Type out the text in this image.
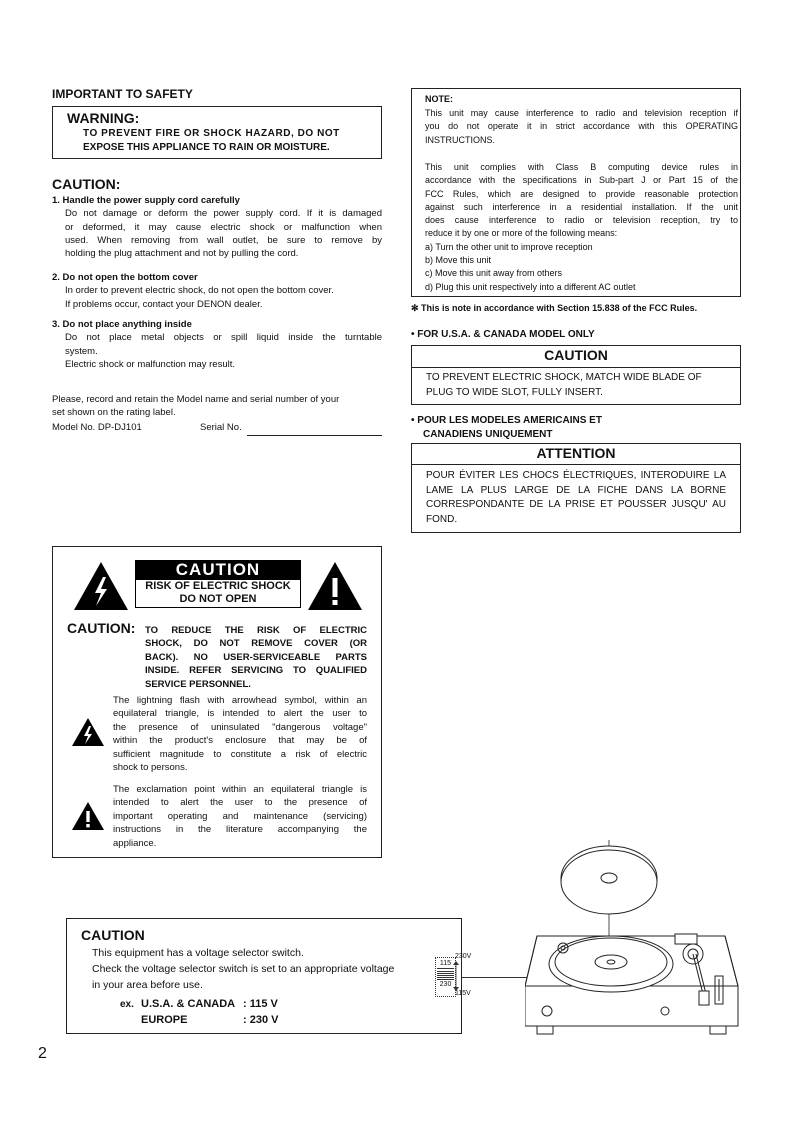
IMPORTANT TO SAFETY
WARNING:
TO PREVENT FIRE OR SHOCK HAZARD, DO NOT
EXPOSE THIS APPLIANCE TO RAIN OR MOISTURE.
CAUTION:
1. Handle the power supply cord carefully
Do not damage or deform the power supply cord. If it is damaged
or deformed, it may cause electric shock or malfunction when
used. When removing from wall outlet, be sure to remove by
holding the plug attachment and not by pulling the cord.
2. Do not open the bottom cover
In order to prevent electric shock, do not open the bottom cover.
If problems occur, contact your DENON dealer.
3. Do not place anything inside
Do not place metal objects or spill liquid inside the turntable
system.
Electric shock or malfunction may result.
Please, record and retain the Model name and serial number of your
set shown on the rating label.
Model No. DP-DJ101	Serial No.
NOTE:
This unit may cause interference to radio and television reception if
you do not operate it in strict accordance with this OPERATING
INSTRUCTIONS.
This unit complies with Class B computing device rules in
accordance with the specifications in Sub-part J or Part 15 of the
FCC Rules, which are designed to provide reasonable protection
against such interference in a residential installation. If the unit
does cause interference to radio or television reception, try to
reduce it by one or more of the following means:
a) Turn the other unit to improve reception
b) Move this unit
c) Move this unit away from others
d) Plug this unit respectively into a different AC outlet
✻ This is note in accordance with Section 15.838 of the FCC Rules.
• FOR U.S.A. & CANADA MODEL ONLY
CAUTION
TO PREVENT ELECTRIC SHOCK, MATCH WIDE BLADE OF
PLUG TO WIDE SLOT, FULLY INSERT.
• POUR LES MODELES AMERICAINS ET
CANADIENS UNIQUEMENT
ATTENTION
POUR ÉVITER LES CHOCS ÉLECTRIQUES, INTERODUIRE LA
LAME LA PLUS LARGE DE LA FICHE DANS LA BORNE
CORRESPONDANTE DE LA PRISE ET POUSSER JUSQU' AU
FOND.
CAUTION
RISK OF ELECTRIC SHOCK
DO NOT OPEN
CAUTION: TO REDUCE THE RISK OF ELECTRIC
SHOCK, DO NOT REMOVE COVER (OR
BACK). NO USER-SERVICEABLE PARTS
INSIDE. REFER SERVICING TO QUALIFIED
SERVICE PERSONNEL.
The lightning flash with arrowhead symbol, within an
equilateral triangle, is intended to alert the user to
the presence of uninsulated "dangerous voltage"
within the product's enclosure that may be of
sufficient magnitude to constitute a risk of electric
shock to persons.
The exclamation point within an equilateral triangle is
intended to alert the user to the presence of
important operating and maintenance (servicing)
instructions in the literature accompanying the
appliance.
CAUTION
This equipment has a voltage selector switch.
Check the voltage selector switch is set to an appropriate voltage
in your area before use.
ex. U.S.A. & CANADA : 115 V
EUROPE	: 230 V
115
230
230V
115V
2
